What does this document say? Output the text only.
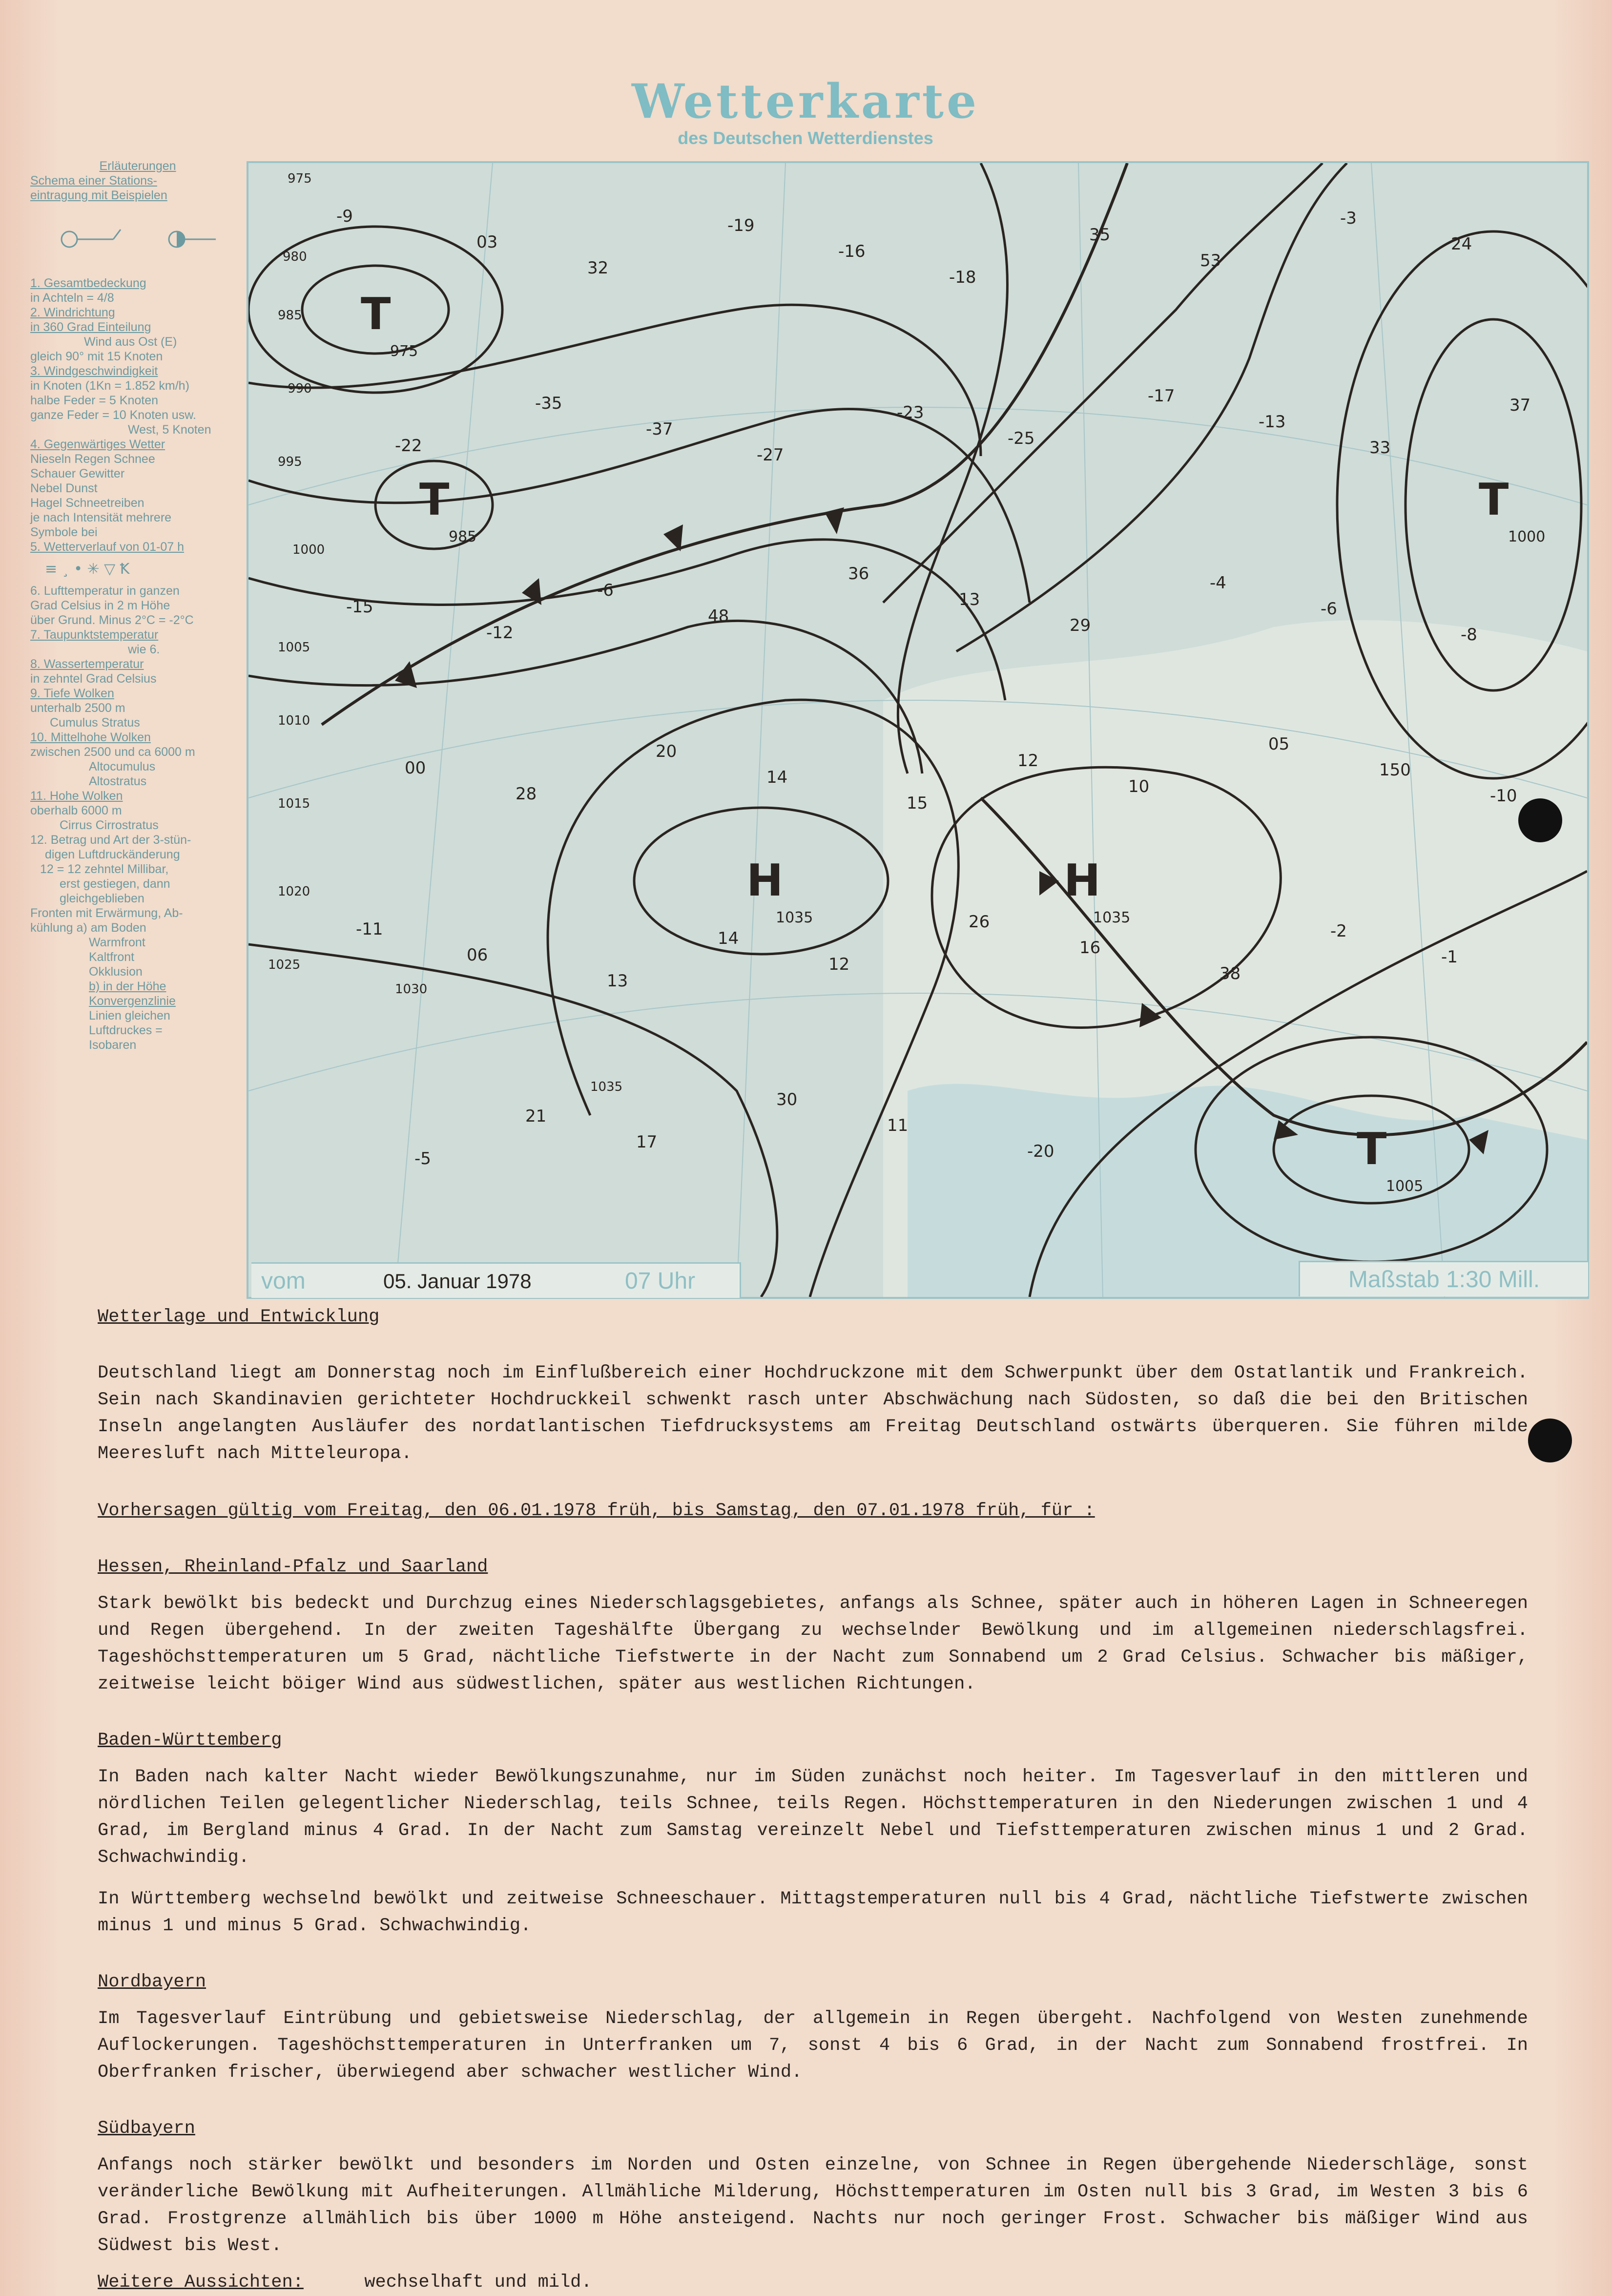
Wetterkarte
des Deutschen Wetterdienstes
Erläuterungen
Schema einer Stations-
eintragung mit Beispielen
1. Gesamtbedeckung
in Achteln = 4/8
2. Windrichtung
in 360 Grad Einteilung
Wind aus Ost (E)
gleich 90° mit 15 Knoten
3. Windgeschwindigkeit
in Knoten (1Kn = 1.852 km/h)
halbe Feder = 5 Knoten
ganze Feder = 10 Knoten usw.
West, 5 Knoten
4. Gegenwärtiges Wetter
Nieseln Regen Schnee
Schauer Gewitter
Nebel Dunst
Hagel Schneetreiben
je nach Intensität mehrere
Symbole bei
5. Wetterverlauf von 01-07 h
≡ ¸ • ✳ ▽ Ꝁ
6. Lufttemperatur in ganzen
Grad Celsius in 2 m Höhe
über Grund. Minus 2°C = -2°C
7. Taupunktstemperatur
wie 6.
8. Wassertemperatur
in zehntel Grad Celsius
9. Tiefe Wolken
unterhalb 2500 m
Cumulus Stratus
10. Mittelhohe Wolken
zwischen 2500 und ca 6000 m
Altocumulus
Altostratus
11. Hohe Wolken
oberhalb 6000 m
Cirrus Cirrostratus
12. Betrag und Art der 3-stün-
digen Luftdruckänderung
12 = 12 zehntel Millibar,
erst gestiegen, dann
gleichgeblieben
Fronten mit Erwärmung, Ab-
kühlung a) am Boden
Warmfront
Kaltfront
Okklusion
b) in der Höhe
Konvergenzlinie
Linien gleichen
Luftdruckes =
Isobaren
T
975
T
985
H
1035
H
1035
T
1000
T
1005
975
980
985
990
995
1000
1005
1010
1015
1020
1025
1030
1035
-9
03
32
-19
-16
-18
35
53
-3
24
-22
-35
-37
-27
-23
-25
-17
-13
33
37
-15
-12
-6
48
36
13
29
-4
-6
-8
00
28
20
14
15
12
10
05
150
-10
-11
06
13
14
12
26
16
38
-2
-1
-5
21
17
30
11
-20
vom	05. Januar 1978	07 Uhr	Maßstab 1:30 Mill.

Wetterlage und Entwicklung

Deutschland liegt am Donnerstag noch im Einflußbereich einer Hochdruckzone mit dem Schwerpunkt über dem Ostatlantik und Frankreich. Sein nach Skandinavien gerichteter Hochdruckkeil schwenkt rasch unter Abschwächung nach Südosten, so daß die bei den Britischen Inseln angelangten Ausläufer des nordatlantischen Tiefdrucksystems am Freitag Deutschland ostwärts überqueren. Sie führen milde Meeresluft nach Mitteleuropa.

Vorhersagen gültig vom Freitag, den 06.01.1978 früh, bis Samstag, den 07.01.1978 früh, für :

Hessen, Rheinland-Pfalz und Saarland

Stark bewölkt bis bedeckt und Durchzug eines Niederschlagsgebietes, anfangs als Schnee, später auch in höheren Lagen in Schneeregen und Regen übergehend. In der zweiten Tageshälfte Übergang zu wechselnder Bewölkung und im allgemeinen niederschlagsfrei. Tageshöchsttemperaturen um 5 Grad, nächtliche Tiefstwerte in der Nacht zum Sonnabend um 2 Grad Celsius. Schwacher bis mäßiger, zeitweise leicht böiger Wind aus südwestlichen, später aus westlichen Richtungen.

Baden-Württemberg

In Baden nach kalter Nacht wieder Bewölkungszunahme, nur im Süden zunächst noch heiter. Im Tagesverlauf in den mittleren und nördlichen Teilen gelegentlicher Niederschlag, teils Schnee, teils Regen. Höchsttemperaturen in den Niederungen zwischen 1 und 4 Grad, im Bergland minus 4 Grad. In der Nacht zum Samstag vereinzelt Nebel und Tiefsttemperaturen zwischen minus 1 und 2 Grad. Schwachwindig.

In Württemberg wechselnd bewölkt und zeitweise Schneeschauer. Mittagstemperaturen null bis 4 Grad, nächtliche Tiefstwerte zwischen minus 1 und minus 5 Grad. Schwachwindig.

Nordbayern

Im Tagesverlauf Eintrübung und gebietsweise Niederschlag, der allgemein in Regen übergeht. Nachfolgend von Westen zunehmende Auflockerungen. Tageshöchsttemperaturen in Unterfranken um 7, sonst 4 bis 6 Grad, in der Nacht zum Sonnabend frostfrei. In Oberfranken frischer, überwiegend aber schwacher westlicher Wind.

Südbayern

Anfangs noch stärker bewölkt und besonders im Norden und Osten einzelne, von Schnee in Regen übergehende Niederschläge, sonst veränderliche Bewölkung mit Aufheiterungen. Allmähliche Milderung, Höchsttemperaturen im Osten null bis 3 Grad, im Westen 3 bis 6 Grad. Frostgrenze allmählich bis über 1000 m Höhe ansteigend. Nachts nur noch geringer Frost. Schwacher bis mäßiger Wind aus Südwest bis West.

Weitere Aussichten:	wechselhaft und mild.
